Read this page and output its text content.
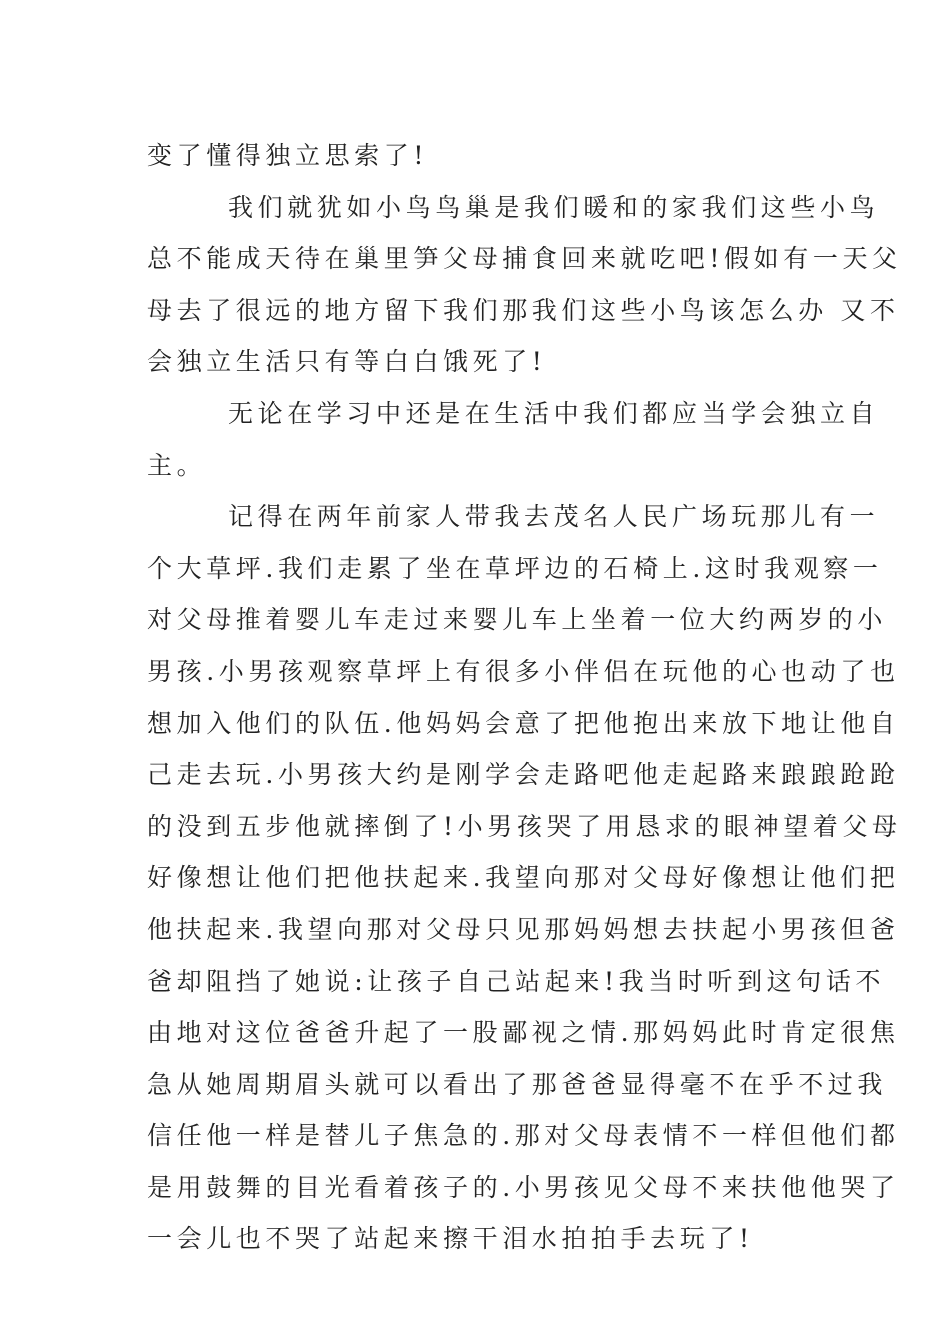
变了懂得独立思索了!
我们就犹如小鸟鸟巢是我们暖和的家我们这些小鸟
总不能成天待在巢里笋父母捕食回来就吃吧!假如有一天父
母去了很远的地方留下我们那我们这些小鸟该怎么办 又不
会独立生活只有等白白饿死了!
无论在学习中还是在生活中我们都应当学会独立自
主。
记得在两年前家人带我去茂名人民广场玩那儿有一
个大草坪.我们走累了坐在草坪边的石椅上.这时我观察一
对父母推着婴儿车走过来婴儿车上坐着一位大约两岁的小
男孩.小男孩观察草坪上有很多小伴侣在玩他的心也动了也
想加入他们的队伍.他妈妈会意了把他抱出来放下地让他自
己走去玩.小男孩大约是刚学会走路吧他走起路来踉踉跄跄
的没到五步他就摔倒了!小男孩哭了用恳求的眼神望着父母
好像想让他们把他扶起来.我望向那对父母好像想让他们把
他扶起来.我望向那对父母只见那妈妈想去扶起小男孩但爸
爸却阻挡了她说:让孩子自己站起来!我当时听到这句话不
由地对这位爸爸升起了一股鄙视之情.那妈妈此时肯定很焦
急从她周期眉头就可以看出了那爸爸显得毫不在乎不过我
信任他一样是替儿子焦急的.那对父母表情不一样但他们都
是用鼓舞的目光看着孩子的.小男孩见父母不来扶他他哭了
一会儿也不哭了站起来擦干泪水拍拍手去玩了!
